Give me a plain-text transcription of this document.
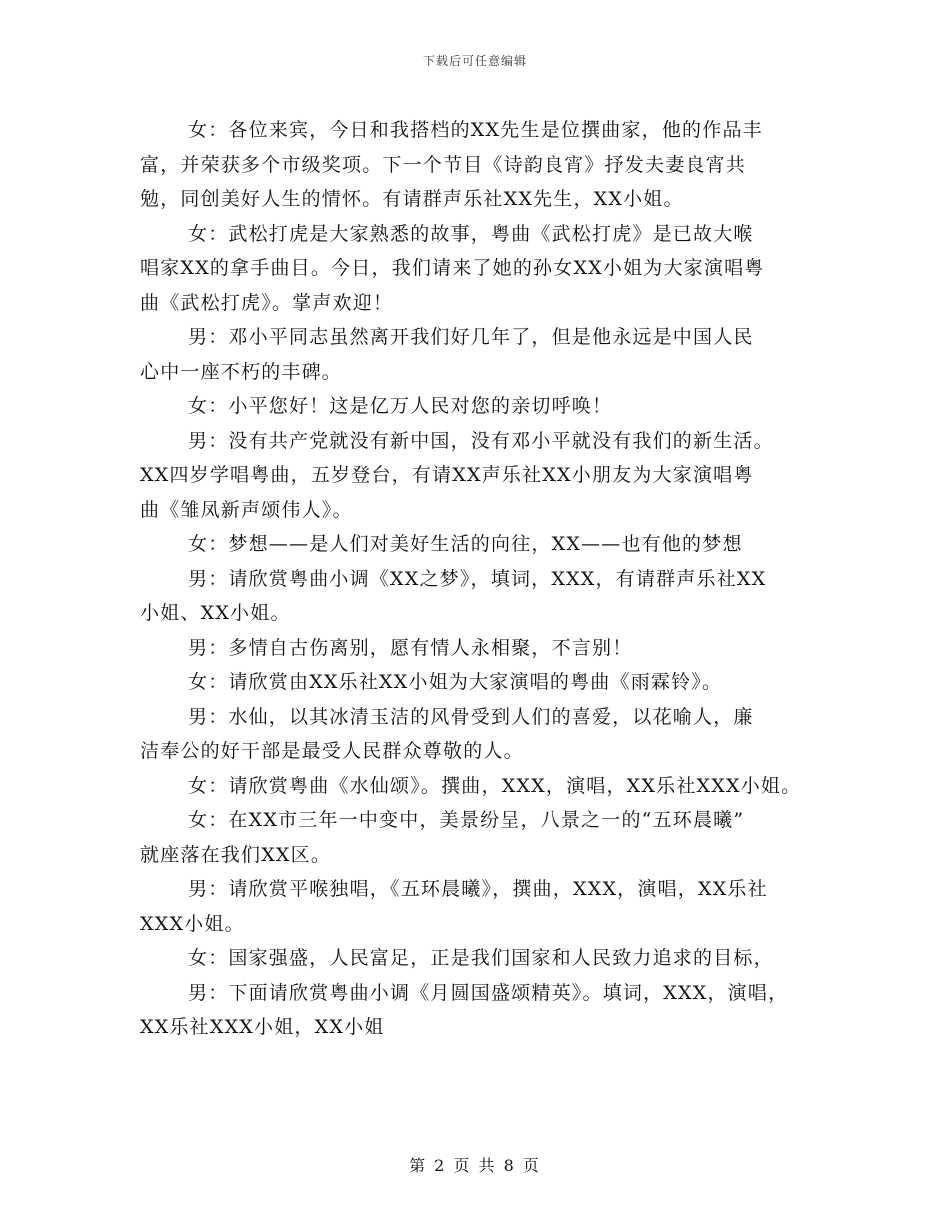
下载后可任意编辑
女：各位来宾，今日和我搭档的XX先生是位撰曲家，他的作品丰
富，并荣获多个市级奖项。下一个节目《诗韵良宵》抒发夫妻良宵共
勉，同创美好人生的情怀。有请群声乐社XX先生，XX小姐。
女：武松打虎是大家熟悉的故事，粤曲《武松打虎》是已故大喉
唱家XX的拿手曲目。今日，我们请来了她的孙女XX小姐为大家演唱粤
曲《武松打虎》。掌声欢迎！
男：邓小平同志虽然离开我们好几年了，但是他永远是中国人民
心中一座不朽的丰碑。
女：小平您好！这是亿万人民对您的亲切呼唤！
男：没有共产党就没有新中国，没有邓小平就没有我们的新生活。
XX四岁学唱粤曲，五岁登台，有请XX声乐社XX小朋友为大家演唱粤
曲《雏凤新声颂伟人》。
女：梦想——是人们对美好生活的向往，XX——也有他的梦想
男：请欣赏粤曲小调《XX之梦》，填词，XXX，有请群声乐社XX
小姐、XX小姐。
男：多情自古伤离别，愿有情人永相聚，不言别！
女：请欣赏由XX乐社XX小姐为大家演唱的粤曲《雨霖铃》。
男：水仙，以其冰清玉洁的风骨受到人们的喜爱，以花喻人，廉
洁奉公的好干部是最受人民群众尊敬的人。
女：请欣赏粤曲《水仙颂》。撰曲，XXX，演唱，XX乐社XXX小姐。
女：在XX市三年一中变中，美景纷呈，八景之一的“五环晨曦”
就座落在我们XX区。
男：请欣赏平喉独唱，《五环晨曦》，撰曲，XXX，演唱，XX乐社
XXX小姐。
女：国家强盛，人民富足，正是我们国家和人民致力追求的目标，
男：下面请欣赏粤曲小调《月圆国盛颂精英》。填词，XXX，演唱，
XX乐社XXX小姐，XX小姐
第 2 页 共 8 页
